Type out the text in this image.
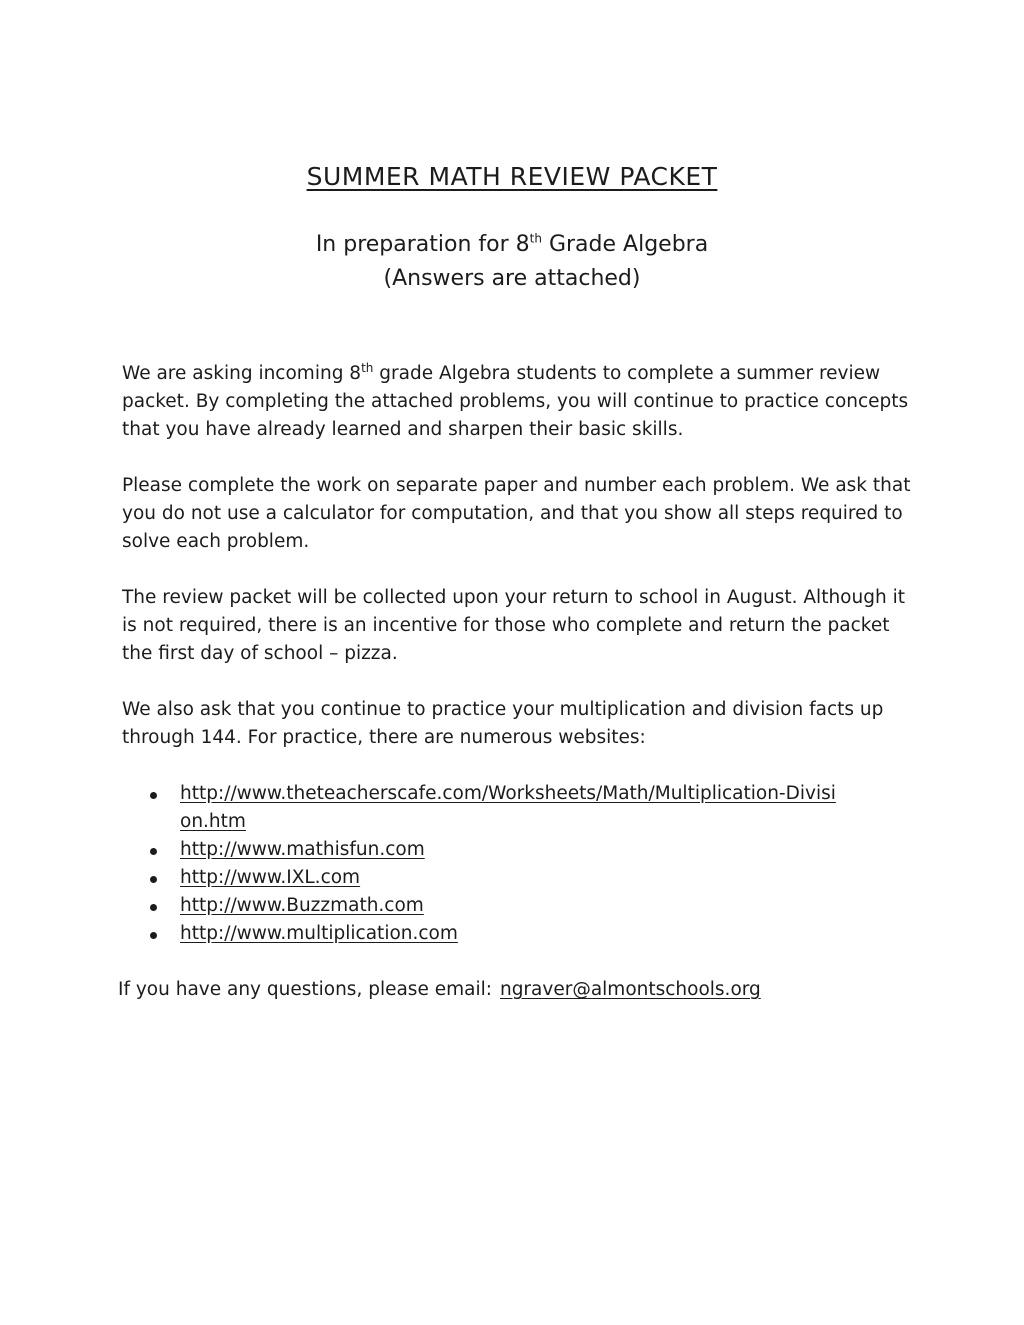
SUMMER MATH REVIEW PACKET
In preparation for 8th Grade Algebra
(Answers are attached)

We are asking incoming 8th grade Algebra students to complete a summer review packet. By completing the attached problems, you will continue to practice concepts that you have already learned and sharpen their basic skills.

Please complete the work on separate paper and number each problem. We ask that you do not use a calculator for computation, and that you show all steps required to solve each problem.

The review packet will be collected upon your return to school in August. Although it is not required, there is an incentive for those who complete and return the packet the first day of school – pizza.

We also ask that you continue to practice your multiplication and division facts up through 144. For practice, there are numerous websites:

http://www.theteacherscafe.com/Worksheets/Math/Multiplication-Division.htm
http://www.mathisfun.com
http://www.IXL.com
http://www.Buzzmath.com
http://www.multiplication.com

If you have any questions, please email: ngraver@almontschools.org
